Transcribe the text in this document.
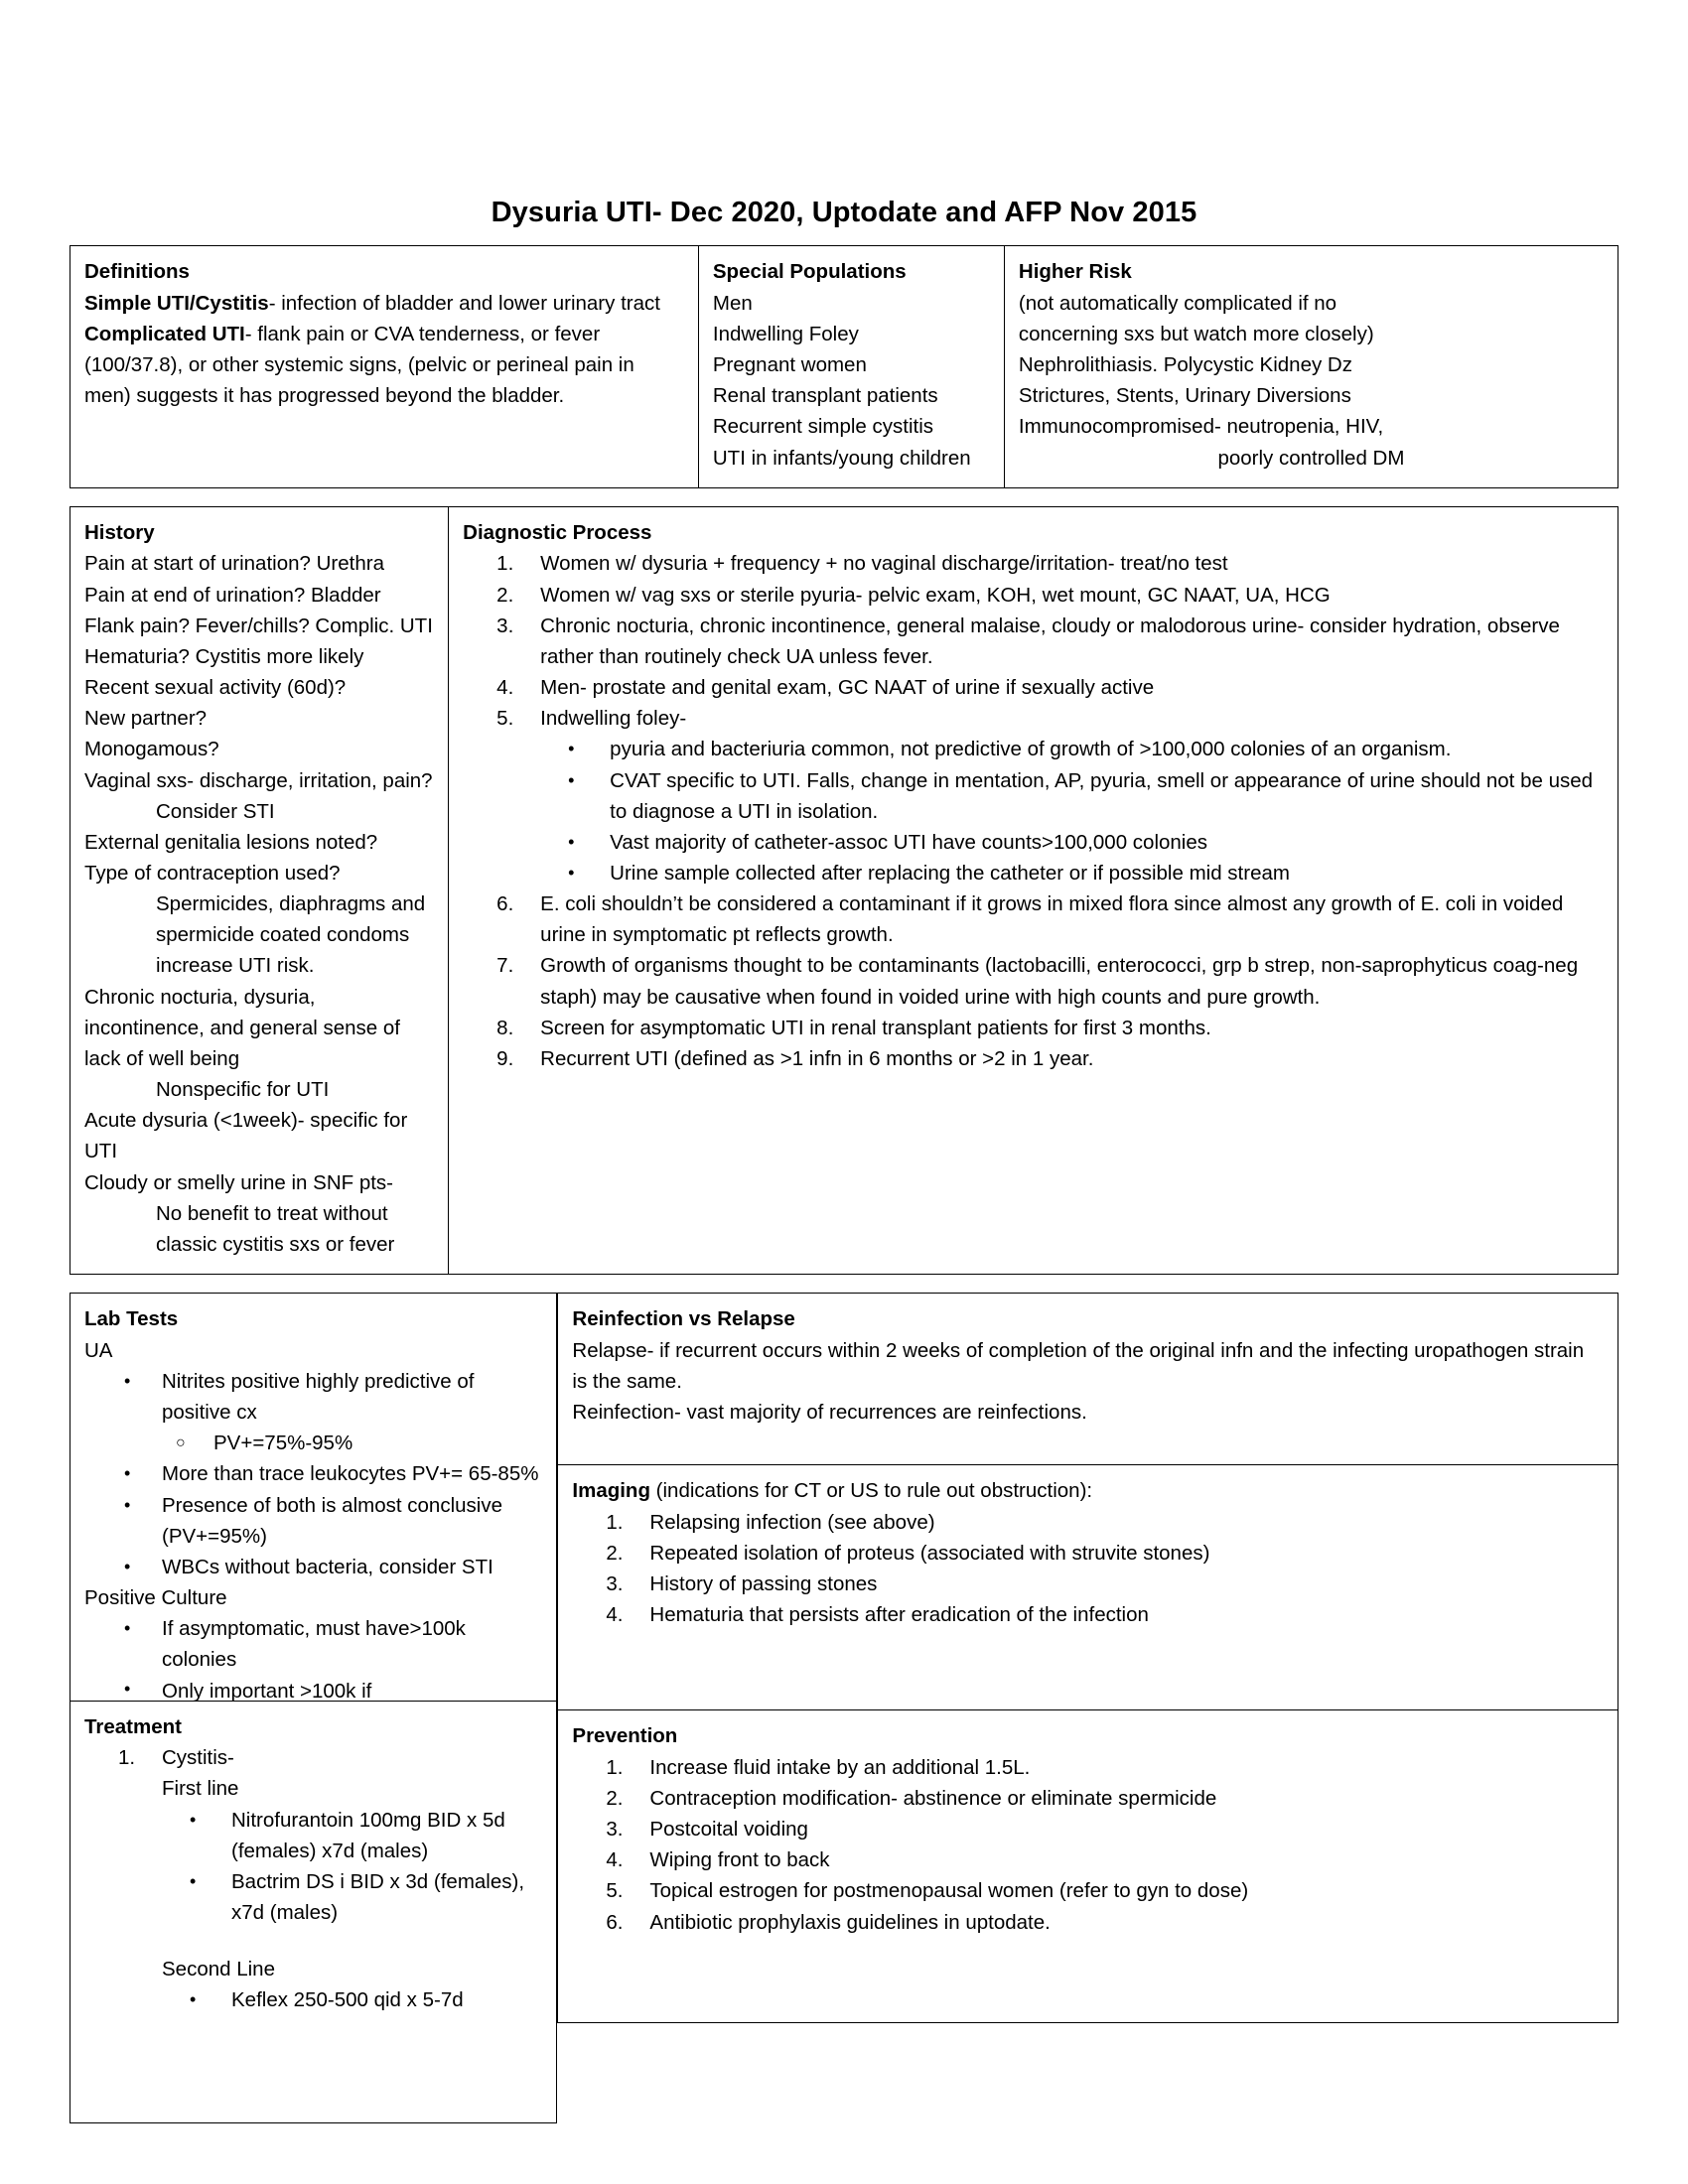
Dysuria UTI- Dec 2020, Uptodate and AFP Nov 2015
Definitions
Simple UTI/Cystitis- infection of bladder and lower urinary tract
Complicated UTI- flank pain or CVA tenderness, or fever (100/37.8), or other systemic signs, (pelvic or perineal pain in men) suggests it has progressed beyond the bladder.
	Special Populations
Men
Indwelling Foley
Pregnant women
Renal transplant patients
Recurrent simple cystitis
UTI in infants/young children
	Higher Risk
(not automatically complicated if no
concerning sxs but watch more closely)
Nephrolithiasis. Polycystic Kidney Dz
Strictures, Stents, Urinary Diversions
Immunocompromised- neutropenia, HIV,
poorly controlled DM
History
Pain at start of urination? Urethra
Pain at end of urination? Bladder
Flank pain? Fever/chills? Complic. UTI
Hematuria? Cystitis more likely
Recent sexual activity (60d)?
New partner?
Monogamous?
Vaginal sxs- discharge, irritation, pain?
Consider STI
External genitalia lesions noted?
Type of contraception used?
Spermicides, diaphragms and spermicide coated condoms increase UTI risk.
Chronic nocturia, dysuria, incontinence, and general sense of lack of well being
Nonspecific for UTI
Acute dysuria (<1week)- specific for UTI
Cloudy or smelly urine in SNF pts-
No benefit to treat without classic cystitis sxs or fever
	Diagnostic Process
1.	Women w/ dysuria + frequency + no vaginal discharge/irritation- treat/no test
2.	Women w/ vag sxs or sterile pyuria- pelvic exam, KOH, wet mount, GC NAAT, UA, HCG
3.	Chronic nocturia, chronic incontinence, general malaise, cloudy or malodorous urine- consider hydration, observe rather than routinely check UA unless fever.
4.	Men- prostate and genital exam, GC NAAT of urine if sexually active
5.	Indwelling foley-
• pyuria and bacteriuria common, not predictive of growth of >100,000 colonies of an organism.
• CVAT specific to UTI. Falls, change in mentation, AP, pyuria, smell or appearance of urine should not be used to diagnose a UTI in isolation.
• Vast majority of catheter-assoc UTI have counts>100,000 colonies
• Urine sample collected after replacing the catheter or if possible mid stream
6.	E. coli shouldn’t be considered a contaminant if it grows in mixed flora since almost any growth of E. coli in voided urine in symptomatic pt reflects growth.
7.	Growth of organisms thought to be contaminants (lactobacilli, enterococci, grp b strep, non-saprophyticus coag-neg staph) may be causative when found in voided urine with high counts and pure growth.
8.	Screen for asymptomatic UTI in renal transplant patients for first 3 months.
9.	Recurrent UTI (defined as >1 infn in 6 months or >2 in 1 year.
Lab Tests
UA
• Nitrites positive highly predictive of positive cx
○ PV+=75%-95%
• More than trace leukocytes PV+= 65-85%
• Presence of both is almost conclusive (PV+=95%)
• WBCs without bacteria, consider STI
Positive Culture
• If asymptomatic, must have>100k colonies
• Only important >100k if

Treatment
1.	Cystitis-
First line
• Nitrofurantoin 100mg BID x 5d (females) x7d (males)
• Bactrim DS i BID x 3d (females), x7d (males)
Second Line
• Keflex 250-500 qid x 5-7d

Reinfection vs Relapse
Relapse- if recurrent occurs within 2 weeks of completion of the original infn and the infecting uropathogen strain is the same.
Reinfection- vast majority of recurrences are reinfections.

Imaging (indications for CT or US to rule out obstruction):
1.	Relapsing infection (see above)
2.	Repeated isolation of proteus (associated with struvite stones)
3.	History of passing stones
4.	Hematuria that persists after eradication of the infection

Prevention
1.	Increase fluid intake by an additional 1.5L.
2.	Contraception modification- abstinence or eliminate spermicide
3.	Postcoital voiding
4.	Wiping front to back
5.	Topical estrogen for postmenopausal women (refer to gyn to dose)
6.	Antibiotic prophylaxis guidelines in uptodate.
